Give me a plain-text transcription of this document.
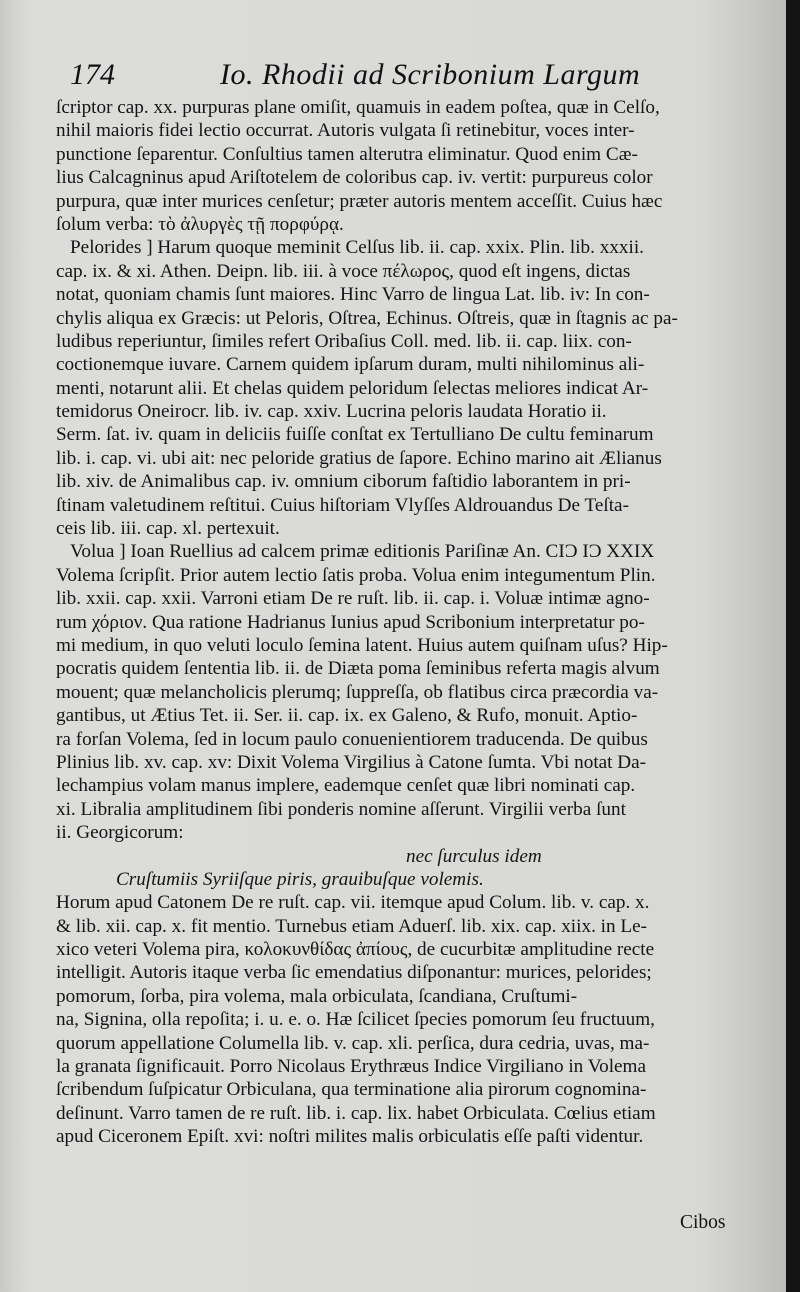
174	Io. Rhodii ad Scribonium Largum
ſcriptor cap. xx. purpuras plane omiſit, quamuis in eadem poſtea, quæ in Celſo,
nihil maioris fidei lectio occurrat. Autoris vulgata ſi retinebitur, voces inter-
punctione ſeparentur. Conſultius tamen alterutra eliminatur. Quod enim Cæ-
lius Calcagninus apud Ariſtotelem de coloribus cap. iv. vertit: purpureus color
purpura, quæ inter murices cenſetur; præter autoris mentem acceſſit. Cuius hæc
ſolum verba: τὸ ἀλυργὲς τῇ πορφύρᾳ.
Pelorides ] Harum quoque meminit Celſus lib. ii. cap. xxix. Plin. lib. xxxii.
cap. ix. & xi. Athen. Deipn. lib. iii. à voce πέλωρος, quod eſt ingens, dictas
notat, quoniam chamis ſunt maiores. Hinc Varro de lingua Lat. lib. iv: In con-
chylis aliqua ex Græcis: ut Peloris, Oſtrea, Echinus. Oſtreis, quæ in ſtagnis ac pa-
ludibus reperiuntur, ſimiles refert Oribaſius Coll. med. lib. ii. cap. liix. con-
coctionemque iuvare. Carnem quidem ipſarum duram, multi nihilominus ali-
menti, notarunt alii. Et chelas quidem peloridum ſelectas meliores indicat Ar-
temidorus Oneirocr. lib. iv. cap. xxiv. Lucrina peloris laudata Horatio ii.
Serm. ſat. iv. quam in deliciis fuiſſe conſtat ex Tertulliano De cultu feminarum
lib. i. cap. vi. ubi ait: nec peloride gratius de ſapore. Echino marino ait Ælianus
lib. xiv. de Animalibus cap. iv. omnium ciborum faſtidio laborantem in pri-
ſtinam valetudinem reſtitui. Cuius hiſtoriam Vlyſſes Aldrouandus De Teſta-
ceis lib. iii. cap. xl. pertexuit.
Volua ] Ioan Ruellius ad calcem primæ editionis Pariſinæ An. CIƆ IƆ XXIX
Volema ſcripſit. Prior autem lectio ſatis proba. Volua enim integumentum Plin.
lib. xxii. cap. xxii. Varroni etiam De re ruſt. lib. ii. cap. i. Voluæ intimæ agno-
rum χόριον. Qua ratione Hadrianus Iunius apud Scribonium interpretatur po-
mi medium, in quo veluti loculo ſemina latent. Huius autem quiſnam uſus? Hip-
pocratis quidem ſententia lib. ii. de Diæta poma ſeminibus referta magis alvum
mouent; quæ melancholicis plerumq; ſuppreſſa, ob flatibus circa præcordia va-
gantibus, ut Ætius Tet. ii. Ser. ii. cap. ix. ex Galeno, & Rufo, monuit. Aptio-
ra forſan Volema, ſed in locum paulo conuenientiorem traducenda. De quibus
Plinius lib. xv. cap. xv: Dixit Volema Virgilius à Catone ſumta. Vbi notat Da-
lechampius volam manus implere, eademque cenſet quæ libri nominati cap.
xi. Libralia amplitudinem ſibi ponderis nomine aſſerunt. Virgilii verba ſunt
ii. Georgicorum:
nec ſurculus idem
Cruſtumiis Syriiſque piris, grauibuſque volemis.
Horum apud Catonem De re ruſt. cap. vii. itemque apud Colum. lib. v. cap. x.
& lib. xii. cap. x. fit mentio. Turnebus etiam Aduerſ. lib. xix. cap. xiix. in Le-
xico veteri Volema pira, κολοκυνθίδας ἀπίους, de cucurbitæ amplitudine recte
intelligit. Autoris itaque verba ſic emendatius diſponantur: murices, pelorides;
pomorum, ſorba, pira volema, mala orbiculata, ſcandiana, Cruſtumi-
na, Signina, olla repoſita; i. u. e. o. Hæ ſcilicet ſpecies pomorum ſeu fructuum,
quorum appellatione Columella lib. v. cap. xli. perſica, dura cedria, uvas, ma-
la granata ſignificauit. Porro Nicolaus Erythræus Indice Virgiliano in Volema
ſcribendum ſuſpicatur Orbiculana, qua terminatione alia pirorum cognomina-
deſinunt. Varro tamen de re ruſt. lib. i. cap. lix. habet Orbiculata. Cœlius etiam
apud Ciceronem Epiſt. xvi: noſtri milites malis orbiculatis eſſe paſti videntur.
Cibos
